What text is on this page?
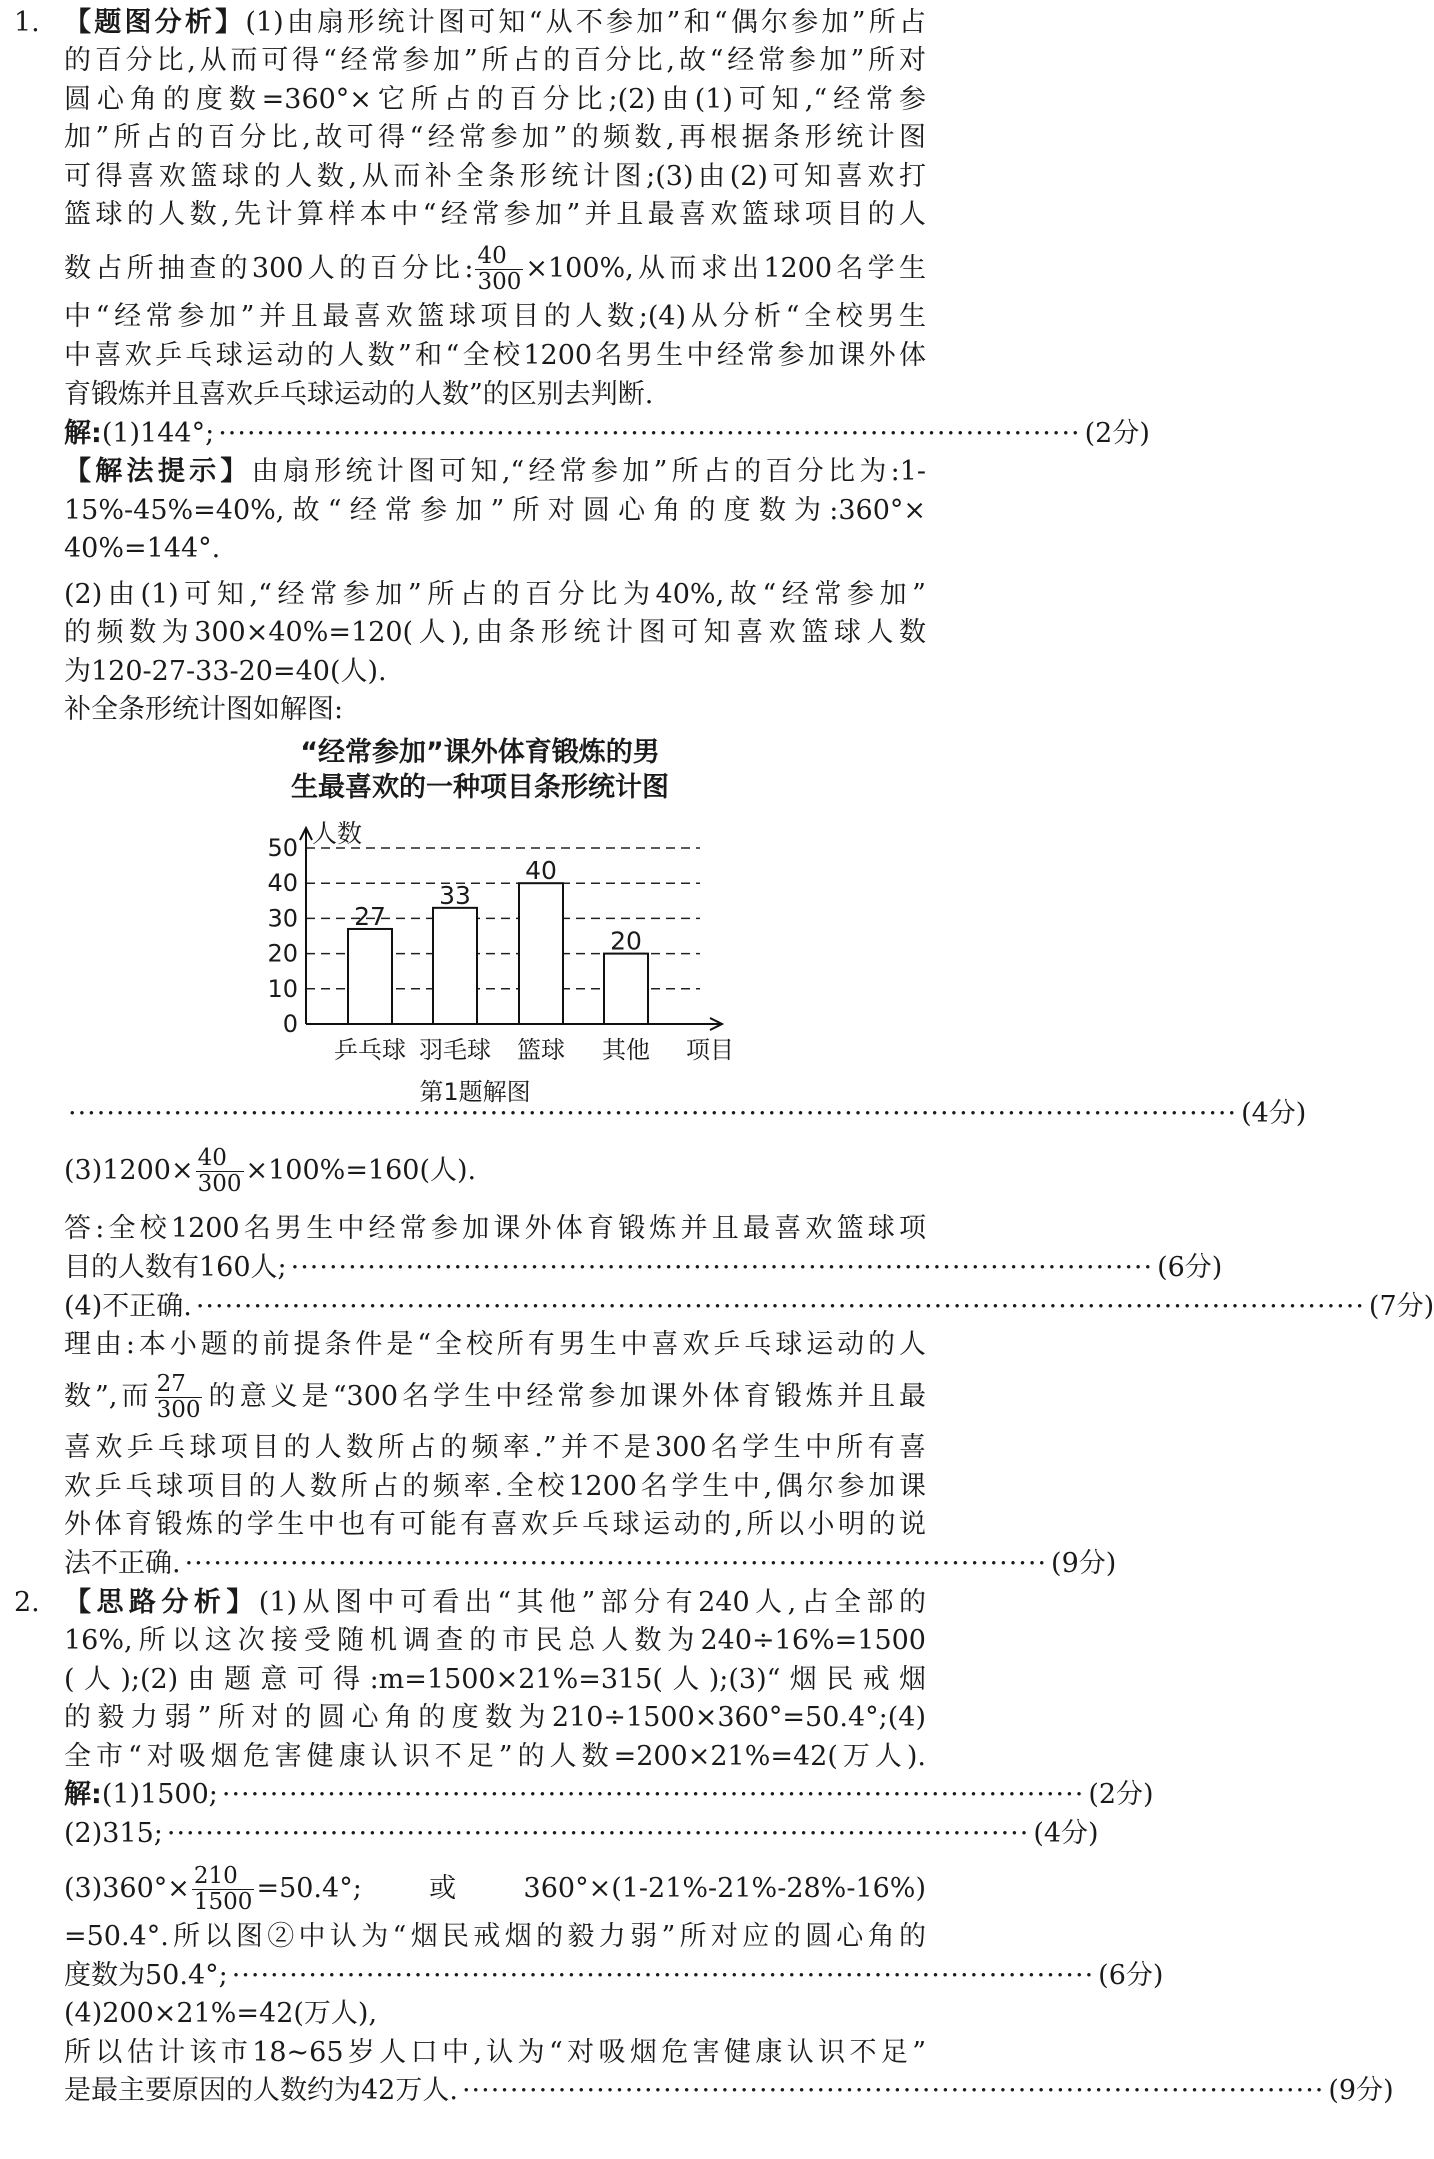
1. 【题图分析】(1)由扇形统计图可知“从不参加”和“偶尔参加”所占
的百分比,从而可得“经常参加”所占的百分比,故“经常参加”所对
圆心角的度数=360°×它所占的百分比;(2)由(1)可知,“经常参
加”所占的百分比,故可得“经常参加”的频数,再根据条形统计图
可得喜欢篮球的人数,从而补全条形统计图;(3)由(2)可知喜欢打
篮球的人数,先计算样本中“经常参加”并且最喜欢篮球项目的人
数占所抽查的300人的百分比: $\frac{40}{300} \times 100\%$,从而求出1200名学生
中“经常参加”并且最喜欢篮球项目的人数;(4)从分析“全校男生
中喜欢乒乓球运动的人数”和“全校1200名男生中经常参加课外体
育锻炼并且喜欢乒乓球运动的人数”的区别去判断.
解:(1)144°; ·························································································· (2分)
【解法提示】由扇形统计图可知,“经常参加”所占的百分比为:1-
15%-45%=40%,故“经常参加”所对圆心角的度数为:360°×
40%=144°.
(2)由(1)可知,“经常参加”所占的百分比为40%,故“经常参加”
的频数为300×40%=120(人),由条形统计图可知喜欢篮球人数
为120-27-33-20=40(人).
补全条形统计图如解图:
“经常参加”课外体育锻炼的男
生最喜欢的一种项目条形统计图
0
10
20
30
40
50 人数
27
乒乓球
33
羽毛球
40
篮球
20
其他 项目
第1题解图
·························································································································· (4分)
$(3)1200\times \frac{40}{300} \times 100\%=160$(人).
答:全校1200名男生中经常参加课外体育锻炼并且最喜欢篮球项
目的人数有160人; ·························································································· (6分)
(4)不正确. ·························································································································· (7分)
理由:本小题的前提条件是“全校所有男生中喜欢乒乓球运动的人
数”,而 $\frac{27}{300}$ 的意义是“300名学生中经常参加课外体育锻炼并且最
喜欢乒乓球项目的人数所占的频率.”并不是300名学生中所有喜
欢乒乓球项目的人数所占的频率.全校1200名学生中,偶尔参加课
外体育锻炼的学生中也有可能有喜欢乒乓球运动的,所以小明的说
法不正确. ·························································································· (9分)
2. 【思路分析】(1)从图中可看出“其他”部分有240人,占全部的
16%,所以这次接受随机调查的市民总人数为240÷16%=1500
(人);(2)由题意可得:m=1500×21%=315(人);(3)“烟民戒烟
的毅力弱”所对的圆心角的度数为210÷1500×360°=50.4°;(4)
全市“对吸烟危害健康认识不足”的人数=200×21%=42(万人).
解:(1)1500; ·························································································· (2分)
(2)315; ·························································································· (4分)
$(3)360^\circ\times \frac{210}{1500} =50.4^\circ$;或360°×(1-21%-21%-28%-16%)
=50.4°.所以图②中认为“烟民戒烟的毅力弱”所对应的圆心角的
度数为50.4°; ·························································································· (6分)
(4)200×21%=42(万人),
所以估计该市18~65岁人口中,认为“对吸烟危害健康认识不足”
是最主要原因的人数约为42万人. ·························································································· (9分)
